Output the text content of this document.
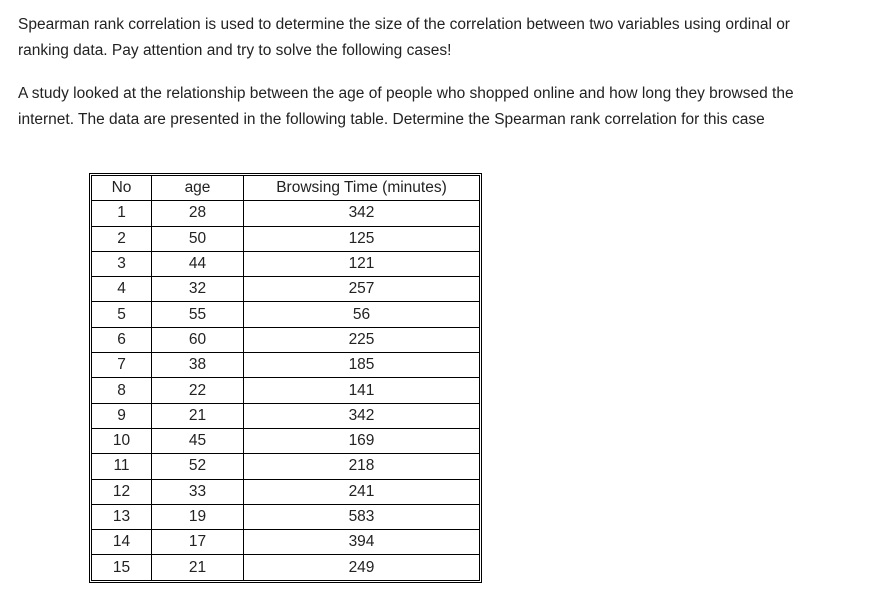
Spearman rank correlation is used to determine the size of the correlation between two variables using ordinal or ranking data. Pay attention and try to solve the following cases!

A study looked at the relationship between the age of people who shopped online and how long they browsed the internet. The data are presented in the following table. Determine the Spearman rank correlation for this case

No	age	Browsing Time (minutes)
1	28	342
2	50	125
3	44	121
4	32	257
5	55	56
6	60	225
7	38	185
8	22	141
9	21	342
10	45	169
11	52	218
12	33	241
13	19	583
14	17	394
15	21	249
